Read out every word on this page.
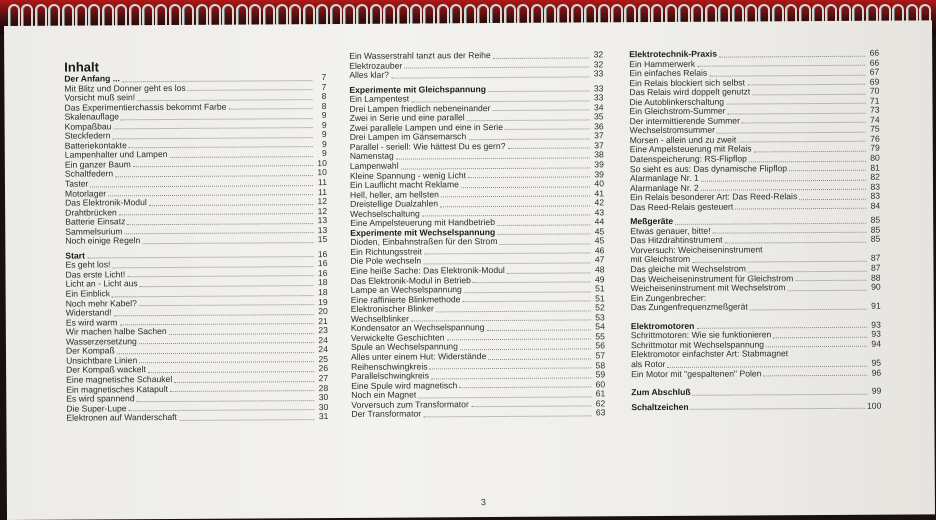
Inhalt
Der Anfang ...	7
Mit Blitz und Donner geht es los	7
Vorsicht muß sein!	8
Das Experimentierchassis bekommt Farbe	8
Skalenauflage	9
Kompaßbau	9
Steckfedern	9
Batteriekontakte	9
Lampenhalter und Lampen	9
Ein ganzer Baum	10
Schaltfedern	10
Taster	11
Motorlager	11
Das Elektronik-Modul	12
Drahtbrücken	12
Batterie Einsatz	13
Sammelsurium	13
Noch einige Regeln	15
Start	16
Es geht los!	16
Das erste Licht!	16
Licht an - Licht aus	18
Ein Einblick	18
Noch mehr Kabel?	19
Widerstand!	20
Es wird warm	21
Wir machen halbe Sachen	23
Wasserzersetzung	24
Der Kompaß	24
Unsichtbare Linien	25
Der Kompaß wackelt	26
Eine magnetische Schaukel	27
Ein magnetisches Katapult	28
Es wird spannend	30
Die Super-Lupe	30
Elektronen auf Wanderschaft	31
Ein Wasserstrahl tanzt aus der Reihe	32
Elektrozauber	32
Alles klar?	33
Experimente mit Gleichspannung	33
Ein Lampentest	33
Drei Lampen friedlich nebeneinander	34
Zwei in Serie und eine parallel	35
Zwei parallele Lampen und eine in Serie	36
Drei Lampen im Gänsemarsch	37
Parallel - seriell: Wie hättest Du es gern?	37
Namenstag	38
Lampenwahl	39
Kleine Spannung - wenig Licht	39
Ein Lauflicht macht Reklame	40
Hell, heller, am hellsten	41
Dreistellige Dualzahlen	42
Wechselschaltung	43
Eine Ampelsteuerung mit Handbetrieb	44
Experimente mit Wechselspannung	45
Dioden, Einbahnstraßen für den Strom	45
Ein Richtungsstreit	46
Die Pole wechseln	47
Eine heiße Sache: Das Elektronik-Modul	48
Das Elektronik-Modul in Betrieb	49
Lampe an Wechselspannung	51
Eine raffinierte Blinkmethode	51
Elektronischer Blinker	52
Wechselblinker	53
Kondensator an Wechselspannung	54
Verwickelte Geschichten	55
Spule an Wechselspannung	56
Alles unter einem Hut: Widerstände	57
Reihenschwingkreis	58
Parallelschwingkreis	59
Eine Spule wird magnetisch	60
Noch ein Magnet	61
Vorversuch zum Transformator	62
Der Transformator	63
Elektrotechnik-Praxis	66
Ein Hammerwerk	66
Ein einfaches Relais	67
Ein Relais blockiert sich selbst	69
Das Relais wird doppelt genutzt	70
Die Autoblinkerschaltung	71
Ein Gleichstrom-Summer	73
Der intermittierende Summer	74
Wechselstromsummer	75
Morsen - allein und zu zweit	76
Eine Ampelsteuerung mit Relais	79
Datenspeicherung: RS-Flipflop	80
So sieht es aus: Das dynamische Flipflop	81
Alarmanlage Nr. 1	82
Alarmanlage Nr. 2	83
Ein Relais besonderer Art: Das Reed-Relais	83
Das Reed-Relais gesteuert	84
Meßgeräte	85
Etwas genauer, bitte!	85
Das Hitzdrahtinstrument	85
Vorversuch: Weicheiseninstrument
mit Gleichstrom	87
Das gleiche mit Wechselstrom	87
Das Weicheiseninstrument für Gleichstrom	88
Weicheiseninstrument mit Wechselstrom	90
Ein Zungenbrecher:
Das Zungenfrequenzmeßgerät	91
Elektromotoren	93
Schrittmotoren: Wie sie funktionieren	93
Schrittmotor mit Wechselspannung	94
Elektromotor einfachster Art: Stabmagnet
als Rotor	95
Ein Motor mit "gespaltenen" Polen	96
Zum Abschluß	99
Schaltzeichen	100
3
